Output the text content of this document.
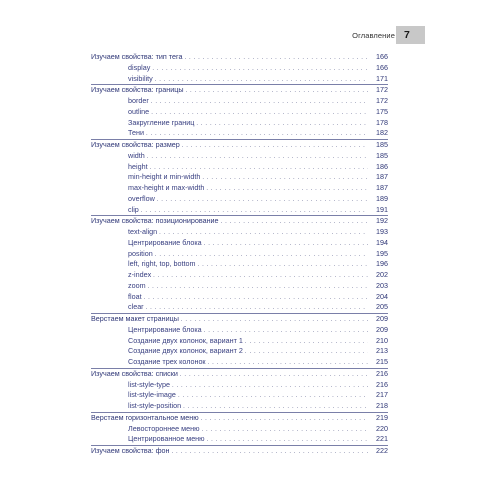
Оглавление 7
Изучаем свойства: тип тега . . .	166
display . . .	166
visibility . . .	171
Изучаем свойства: границы . . .	172
border . . .	172
outline . . .	175
Закругление границ . . .	178
Тени . . .	182
Изучаем свойства: размер . . .	185
width . . .	185
height . . .	186
min-height и min-width . . .	187
max-height и max-width . . .	187
overflow . . .	189
clip . . .	191
Изучаем свойства: позиционирование . . .	192
text-align . . .	193
Центрирование блока . . .	194
position . . .	195
left, right, top, bottom . . .	196
z-index . . .	202
zoom . . .	203
float . . .	204
clear . . .	205
Верстаем макет страницы . . .	209
Центрирование блока . . .	209
Создание двух колонок, вариант 1 . . .	210
Создание двух колонок, вариант 2 . . .	213
Создание трех колонок . . .	215
Изучаем свойства: списки . . .	216
list-style-type . . .	216
list-style-image . . .	217
list-style-position . . .	218
Верстаем горизонтальное меню . . .	219
Левостороннее меню . . .	220
Центрированное меню . . .	221
Изучаем свойства: фон . . .	222
